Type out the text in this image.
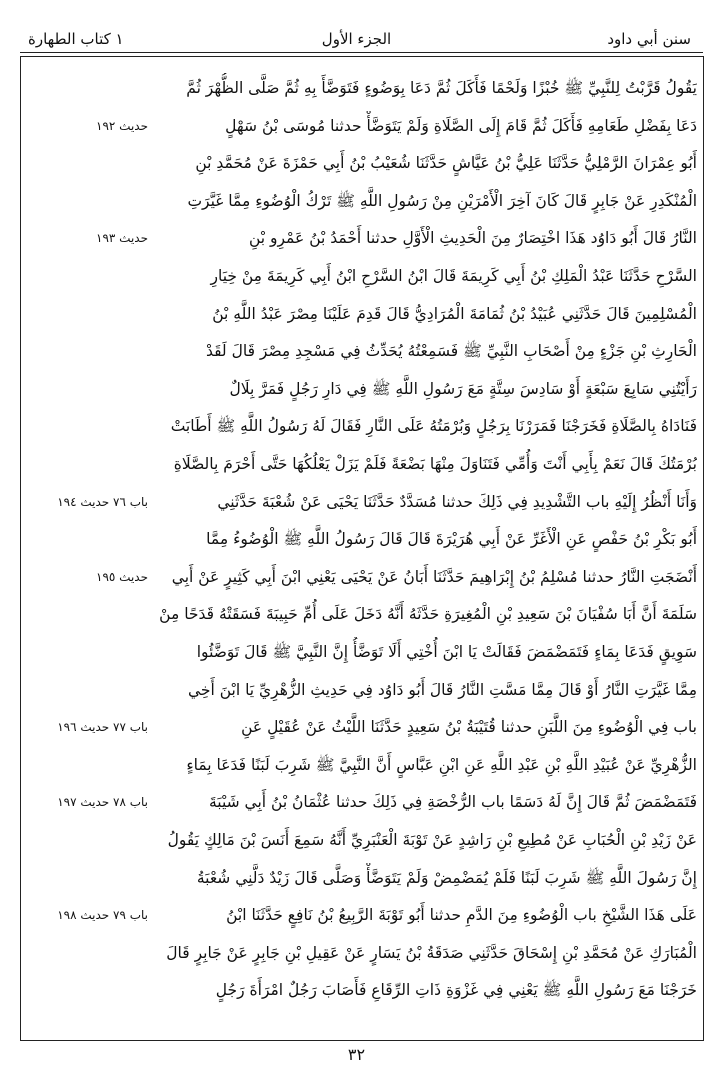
سنن أبي داود
الجزء الأول
١ كتاب الطهارة
يَقُولُ قَرَّبْتُ لِلنَّبِيِّ ﷺ خُبْزًا وَلَحْمًا فَأَكَلَ ثُمَّ دَعَا بِوَضُوءٍ فَتَوَضَّأَ بِهِ ثُمَّ صَلَّى الظُّهْرَ ثُمَّ
دَعَا بِفَضْلِ طَعَامِهِ فَأَكَلَ ثُمَّ قَامَ إِلَى الصَّلَاةِ وَلَمْ يَتَوَضَّأْ حدثنا مُوسَى بْنُ سَهْلٍ
أَبُو عِمْرَانَ الرَّمْلِيُّ حَدَّثَنَا عَلِيُّ بْنُ عَيَّاشٍ حَدَّثَنَا شُعَيْبُ بْنُ أَبِي حَمْزَةَ عَنْ مُحَمَّدِ بْنِ
الْمُنْكَدِرِ عَنْ جَابِرٍ قَالَ كَانَ آخِرَ الْأَمْرَيْنِ مِنْ رَسُولِ اللَّهِ ﷺ تَرْكُ الْوُضُوءِ مِمَّا غَيَّرَتِ
النَّارُ قَالَ أَبُو دَاوُد هَذَا اخْتِصَارٌ مِنَ الْحَدِيثِ الْأَوَّلِ حدثنا أَحْمَدُ بْنُ عَمْرِو بْنِ
السَّرْحِ حَدَّثَنَا عَبْدُ الْمَلِكِ بْنُ أَبِي كَرِيمَةَ قَالَ ابْنُ السَّرْحِ ابْنُ أَبِي كَرِيمَةَ مِنْ خِيَارِ
الْمُسْلِمِينَ قَالَ حَدَّثَنِي عُبَيْدُ بْنُ ثُمَامَةَ الْمُرَادِيُّ قَالَ قَدِمَ عَلَيْنَا مِصْرَ عَبْدُ اللَّهِ بْنُ
الْحَارِثِ بْنِ جَزْءٍ مِنْ أَصْحَابِ النَّبِيِّ ﷺ فَسَمِعْتُهُ يُحَدِّثُ فِي مَسْجِدِ مِصْرَ قَالَ لَقَدْ
رَأَيْتُنِي سَابِعَ سَبْعَةٍ أَوْ سَادِسَ سِتَّةٍ مَعَ رَسُولِ اللَّهِ ﷺ فِي دَارِ رَجُلٍ فَمَرَّ بِلَالٌ
فَنَادَاهُ بِالصَّلَاةِ فَخَرَجْنَا فَمَرَرْنَا بِرَجُلٍ وَبُرْمَتُهُ عَلَى النَّارِ فَقَالَ لَهُ رَسُولُ اللَّهِ ﷺ أَطَابَتْ
بُرْمَتُكَ قَالَ نَعَمْ بِأَبِي أَنْتَ وَأُمِّي فَتَنَاوَلَ مِنْهَا بَضْعَةً فَلَمْ يَزَلْ يَعْلُكُهَا حَتَّى أَحْرَمَ بِالصَّلَاةِ
وَأَنَا أَنْظُرُ إِلَيْهِ باب التَّشْدِيدِ فِي ذَلِكَ حدثنا مُسَدَّدٌ حَدَّثَنَا يَحْيَى عَنْ شُعْبَةَ حَدَّثَنِي
أَبُو بَكْرِ بْنُ حَفْصٍ عَنِ الْأَغَرِّ عَنْ أَبِي هُرَيْرَةَ قَالَ قَالَ رَسُولُ اللَّهِ ﷺ الْوُضُوءُ مِمَّا
أَنْضَجَتِ النَّارُ حدثنا مُسْلِمُ بْنُ إِبْرَاهِيمَ حَدَّثَنَا أَبَانُ عَنْ يَحْيَى يَعْنِي ابْنَ أَبِي كَثِيرٍ عَنْ أَبِي
سَلَمَةَ أَنَّ أَبَا سُفْيَانَ بْنَ سَعِيدِ بْنِ الْمُغِيرَةِ حَدَّثَهُ أَنَّهُ دَخَلَ عَلَى أُمِّ حَبِيبَةَ فَسَقَتْهُ قَدَحًا مِنْ
سَوِيقٍ فَدَعَا بِمَاءٍ فَتَمَضْمَضَ فَقَالَتْ يَا ابْنَ أُخْتِي أَلَا تَوَضَّأُ إِنَّ النَّبِيَّ ﷺ قَالَ تَوَضَّئُوا
مِمَّا غَيَّرَتِ النَّارُ أَوْ قَالَ مِمَّا مَسَّتِ النَّارُ قَالَ أَبُو دَاوُد فِي حَدِيثِ الزُّهْرِيِّ يَا ابْنَ أَخِي
باب فِي الْوُضُوءِ مِنَ اللَّبَنِ حدثنا قُتَيْبَةُ بْنُ سَعِيدٍ حَدَّثَنَا اللَّيْثُ عَنْ عُقَيْلٍ عَنِ
الزُّهْرِيِّ عَنْ عُبَيْدِ اللَّهِ بْنِ عَبْدِ اللَّهِ عَنِ ابْنِ عَبَّاسٍ أَنَّ النَّبِيَّ ﷺ شَرِبَ لَبَنًا فَدَعَا بِمَاءٍ
فَتَمَضْمَضَ ثُمَّ قَالَ إِنَّ لَهُ دَسَمًا باب الرُّخْصَةِ فِي ذَلِكَ حدثنا عُثْمَانُ بْنُ أَبِي شَيْبَةَ
عَنْ زَيْدِ بْنِ الْحُبَابِ عَنْ مُطِيعِ بْنِ رَاشِدٍ عَنْ تَوْبَةَ الْعَنْبَرِيِّ أَنَّهُ سَمِعَ أَنَسَ بْنَ مَالِكٍ يَقُولُ
إِنَّ رَسُولَ اللَّهِ ﷺ شَرِبَ لَبَنًا فَلَمْ يُمَضْمِضْ وَلَمْ يَتَوَضَّأْ وَصَلَّى قَالَ زَيْدٌ دَلَّنِي شُعْبَةُ
عَلَى هَذَا الشَّيْخِ باب الْوُضُوءِ مِنَ الدَّمِ حدثنا أَبُو تَوْبَةَ الرَّبِيعُ بْنُ نَافِعٍ حَدَّثَنَا ابْنُ
الْمُبَارَكِ عَنْ مُحَمَّدِ بْنِ إِسْحَاقَ حَدَّثَنِي صَدَقَةُ بْنُ يَسَارٍ عَنْ عَقِيلِ بْنِ جَابِرٍ عَنْ جَابِرٍ قَالَ
خَرَجْنَا مَعَ رَسُولِ اللَّهِ ﷺ يَعْنِي فِي غَزْوَةِ ذَاتِ الرِّقَاعِ فَأَصَابَ رَجُلٌ امْرَأَةَ رَجُلٍ
حديث ١٩٢
حديث ١٩٣
باب ٧٦ حديث ١٩٤
حديث ١٩٥
باب ٧٧ حديث ١٩٦
باب ٧٨ حديث ١٩٧
باب ٧٩ حديث ١٩٨
٣٢
